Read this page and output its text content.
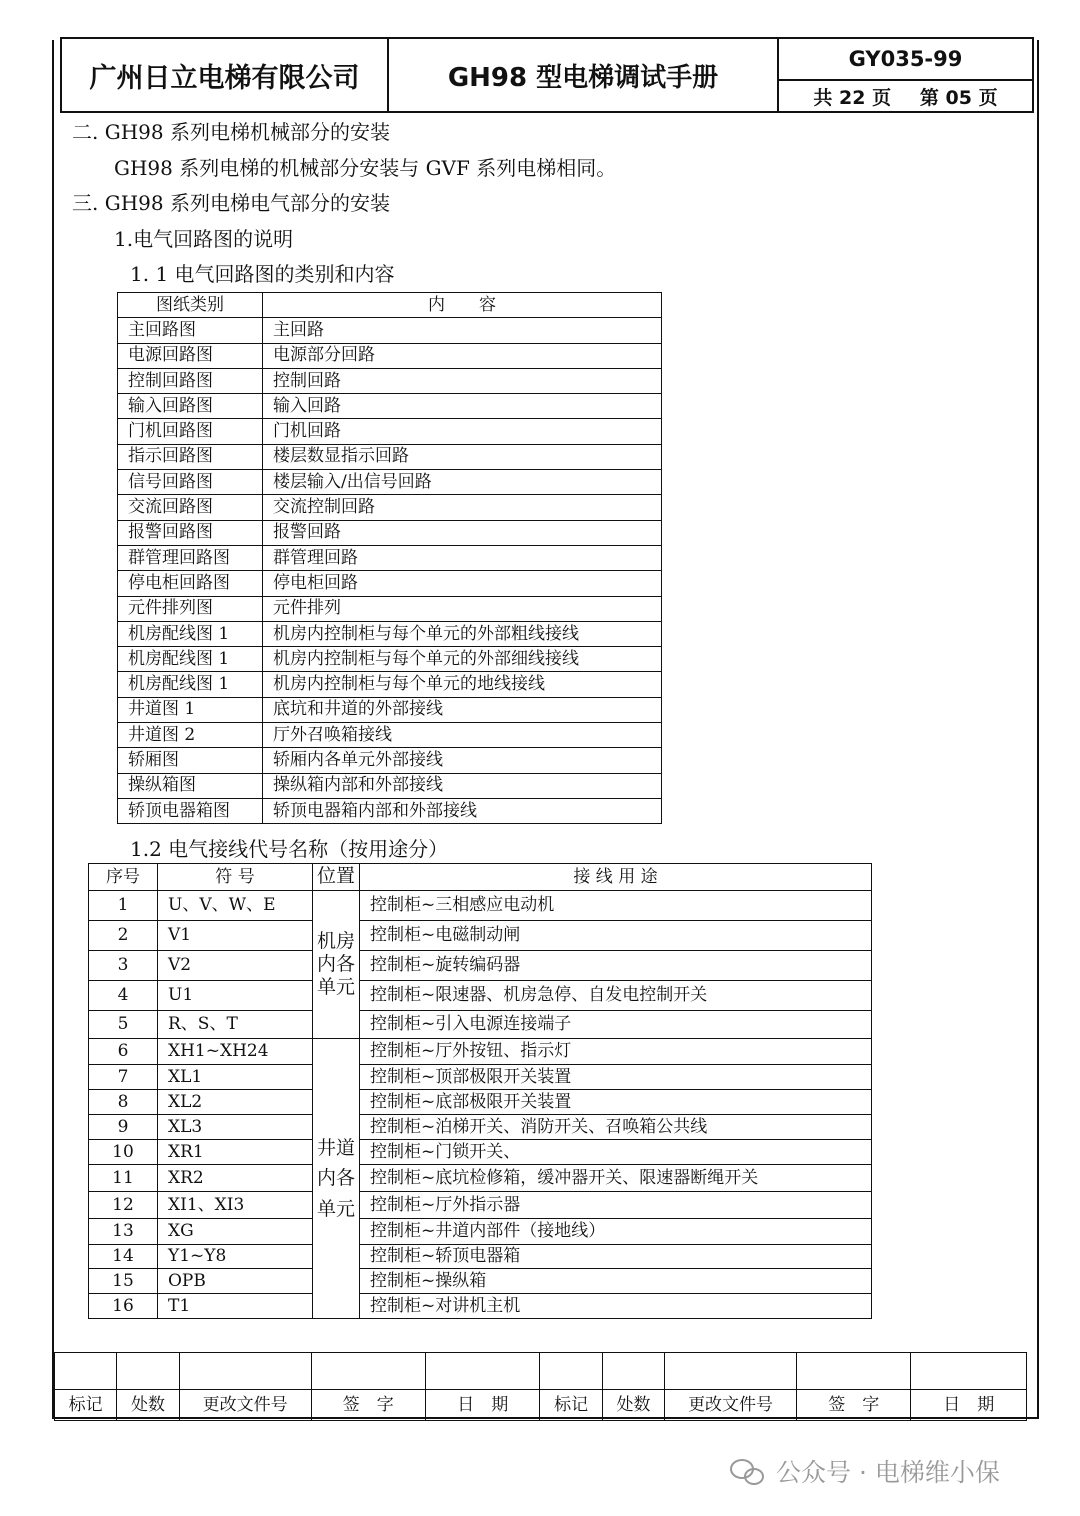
广州日立电梯有限公司	GH98 型电梯调试手册
GY035-99
共 22 页 第 05 页
二. GH98 系列电梯机械部分的安装
GH98 系列电梯的机械部分安装与 GVF 系列电梯相同。
三. GH98 系列电梯电气部分的安装
1.电气回路图的说明
1. 1 电气回路图的类别和内容
图纸类别	内　　容
主回路图	主回路
电源回路图	电源部分回路
控制回路图	控制回路
输入回路图	输入回路
门机回路图	门机回路
指示回路图	楼层数显指示回路
信号回路图	楼层输入/出信号回路
交流回路图	交流控制回路
报警回路图	报警回路
群管理回路图	群管理回路
停电柜回路图	停电柜回路
元件排列图	元件排列
机房配线图 1	机房内控制柜与每个单元的外部粗线接线
机房配线图 1	机房内控制柜与每个单元的外部细线接线
机房配线图 1	机房内控制柜与每个单元的地线接线
井道图 1	底坑和井道的外部接线
井道图 2	厅外召唤箱接线
轿厢图	轿厢内各单元外部接线
操纵箱图	操纵箱内部和外部接线
轿顶电器箱图	轿顶电器箱内部和外部接线
1.2 电气接线代号名称（按用途分）
序号	符 号	位置	接 线 用 途
1	U、V、W、E	机房内各单元	控制柜~三相感应电动机
2	V1		控制柜~电磁制动闸
3	V2		控制柜~旋转编码器
4	U1		控制柜~限速器、机房急停、自发电控制开关
5	R、S、T		控制柜~引入电源连接端子
6	XH1~XH24	井道内各单元	控制柜~厅外按钮、指示灯
7	XL1		控制柜~顶部极限开关装置
8	XL2		控制柜~底部极限开关装置
9	XL3		控制柜~泊梯开关、消防开关、召唤箱公共线
10	XR1		控制柜~门锁开关、
11	XR2		控制柜~底坑检修箱，缓冲器开关、限速器断绳开关
12	XI1、XI3		控制柜~厅外指示器
13	XG		控制柜~井道内部件（接地线）
14	Y1~Y8		控制柜~轿顶电器箱
15	OPB		控制柜~操纵箱
16	T1		控制柜~对讲机主机

标记	处数	更改文件号	签　字	日　期	标记	处数	更改文件号	签　字	日　期
公众号 · 电梯维小保
